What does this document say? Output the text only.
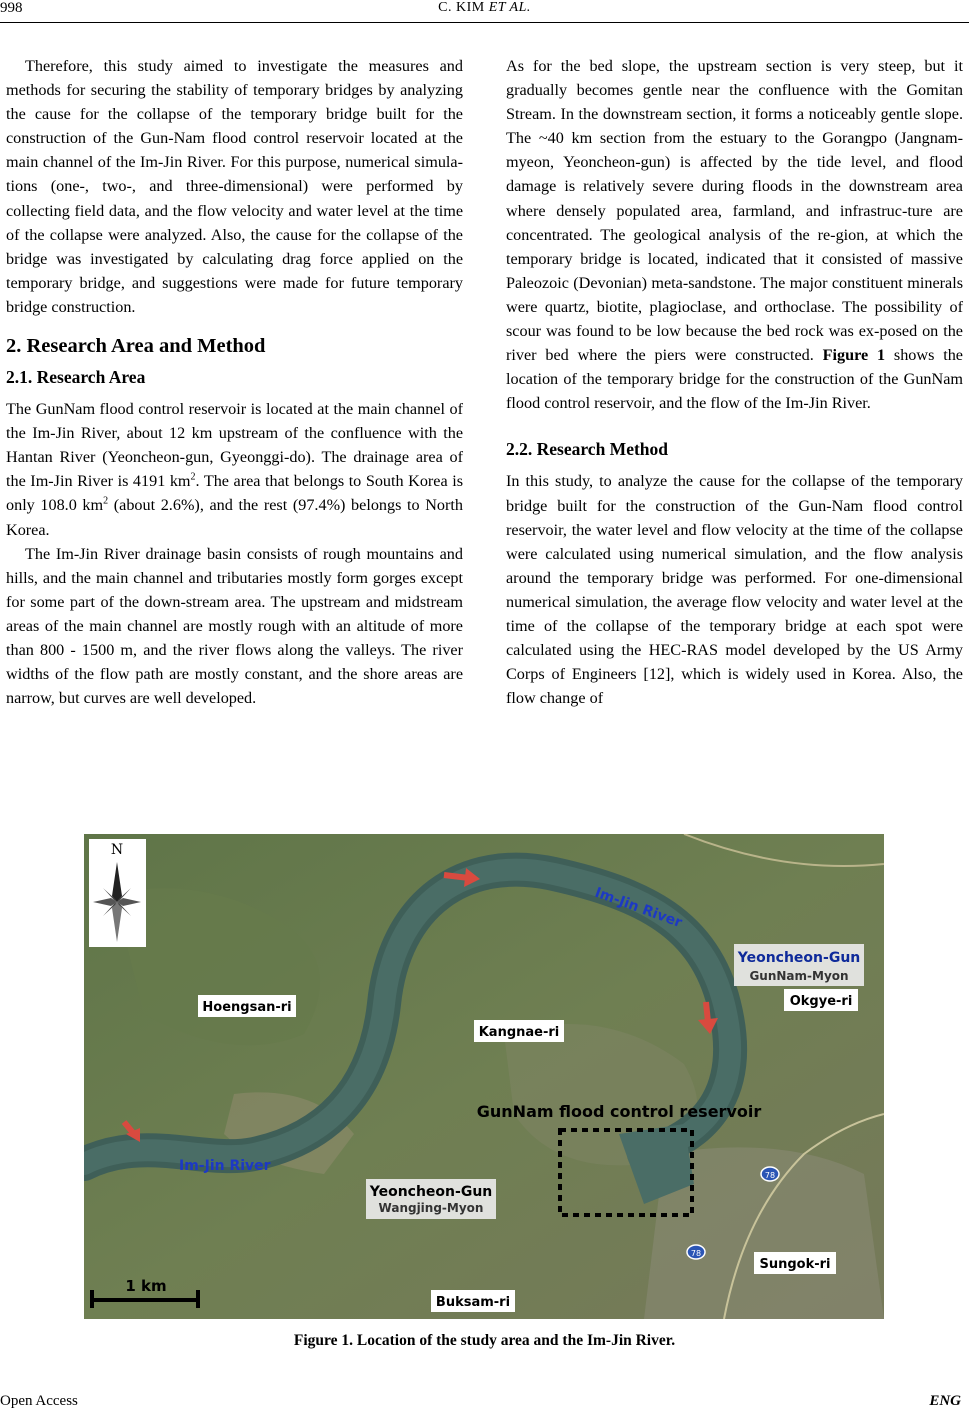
998	C. KIM ET AL.

Therefore, this study aimed to investigate the measures and methods for securing the stability of temporary bridges by analyzing the cause for the collapse of the temporary bridge built for the construction of the Gun-Nam flood control reservoir located at the main channel of the Im-Jin River. For this purpose, numerical simula-tions (one-, two-, and three-dimensional) were performed by collecting field data, and the flow velocity and water level at the time of the collapse were analyzed. Also, the cause for the collapse of the bridge was investigated by calculating drag force applied on the temporary bridge, and suggestions were made for future temporary bridge construction.

2. Research Area and Method
2.1. Research Area

The GunNam flood control reservoir is located at the main channel of the Im-Jin River, about 12 km upstream of the confluence with the Hantan River (Yeoncheon-gun, Gyeonggi-do). The drainage area of the Im-Jin River is 4191 $km^2$. The area that belongs to South Korea is only 108.0 $km^2$ (about 2.6%), and the rest (97.4%) belongs to North Korea.

The Im-Jin River drainage basin consists of rough mountains and hills, and the main channel and tributaries mostly form gorges except for some part of the down-stream area. The upstream and midstream areas of the main channel are mostly rough with an altitude of more than 800 - 1500 m, and the river flows along the valleys. The river widths of the flow path are mostly constant, and the shore areas are narrow, but curves are well developed.

As for the bed slope, the upstream section is very steep, but it gradually becomes gentle near the confluence with the Gomitan Stream. In the downstream section, it forms a noticeably gentle slope. The ~40 km section from the estuary to the Gorangpo (Jangnam-myeon, Yeoncheon-gun) is affected by the tide level, and flood damage is relatively severe during floods in the downstream area where densely populated area, farmland, and infrastruc-ture are concentrated. The geological analysis of the re-gion, at which the temporary bridge is located, indicated that it consisted of massive Paleozoic (Devonian) meta-sandstone. The major constituent minerals were quartz, biotite, plagioclase, and orthoclase. The possibility of scour was found to be low because the bed rock was ex-posed on the river bed where the piers were constructed. Figure 1 shows the location of the temporary bridge for the construction of the GunNam flood control reservoir, and the flow of the Im-Jin River.

2.2. Research Method

In this study, to analyze the cause for the collapse of the temporary bridge built for the construction of the Gun-Nam flood control reservoir, the water level and flow velocity at the time of the collapse were calculated using numerical simulation, and the flow analysis around the temporary bridge was performed. For one-dimensional numerical simulation, the average flow velocity and water level at the time of the collapse of the temporary bridge at each spot were calculated using the HEC-RAS model developed by the US Army Corps of Engineers [12], which is widely used in Korea. Also, the flow change of

N
Im-Jin River
Im-Jin River
Yeoncheon-Gun
GunNam-Myon
Okgye-ri
Hoengsan-ri
Kangnae-ri
GunNam flood control reservoir
Yeoncheon-Gun
Wangjing-Myon
Sungok-ri
Buksam-ri
78
78
1 km
Figure 1. Location of the study area and the Im-Jin River.
Open Access	ENG
